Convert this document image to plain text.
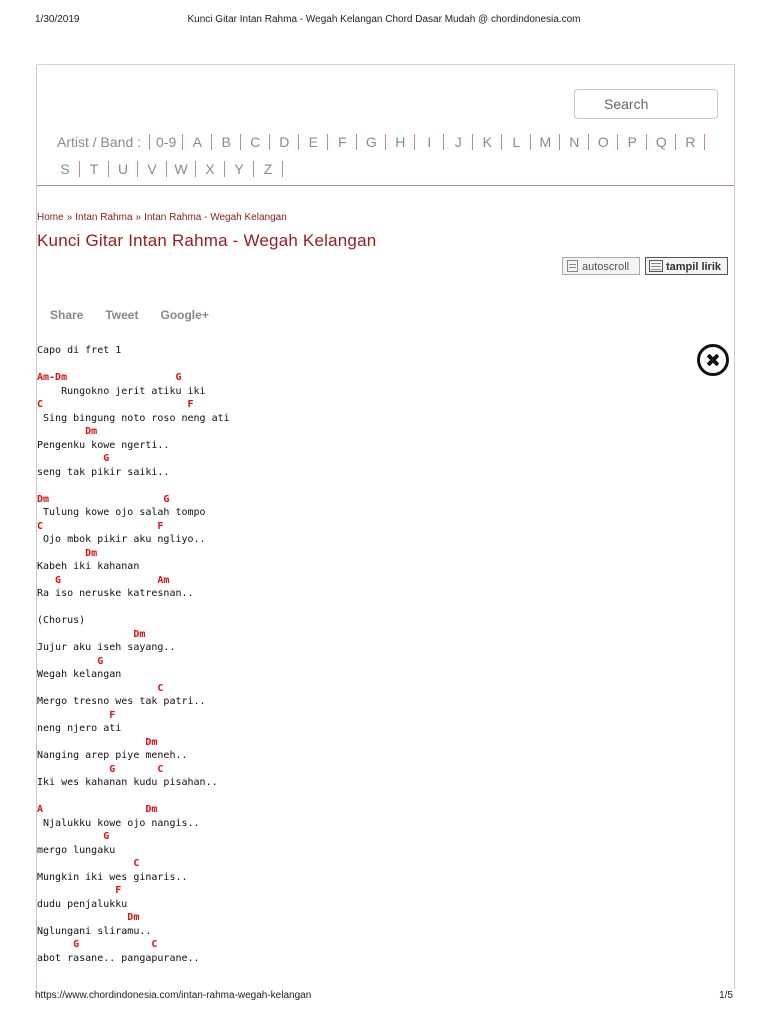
1/30/2019	Kunci Gitar Intan Rahma - Wegah Kelangan Chord Dasar Mudah @ chordindonesia.com
Search
Artist / Band :	0-9	A	B	C	D	E	F	G	H	I	J	K	L	M	N	O	P	Q	R
S	T	U	V	W	X	Y	Z
Home » Intan Rahma » Intan Rahma - Wegah Kelangan
Kunci Gitar Intan Rahma - Wegah Kelangan
autoscroll	tampil lirik
Share Tweet Google+
Capo di fret 1
Am-Dm                  G
Rungokno jerit atiku iki
C                        F
Sing bingung noto roso neng ati
Dm
Pengenku kowe ngerti..
G
seng tak pikir saiki..
Dm                   G
Tulung kowe ojo salah tompo
C                   F
Ojo mbok pikir aku ngliyo..
Dm
Kabeh iki kahanan
G                Am
Ra iso neruske katresnan..
(Chorus)
Dm
Jujur aku iseh sayang..
G
Wegah kelangan
C
Mergo tresno wes tak patri..
F
neng njero ati
Dm
Nanging arep piye meneh..
G       C
Iki wes kahanan kudu pisahan..
A                 Dm
Njalukku kowe ojo nangis..
G
mergo lungaku
C
Mungkin iki wes ginaris..
F
dudu penjalukku
Dm
Nglungani sliramu..
G            C
abot rasane.. pangapurane..
https://www.chordindonesia.com/intan-rahma-wegah-kelangan	1/5
